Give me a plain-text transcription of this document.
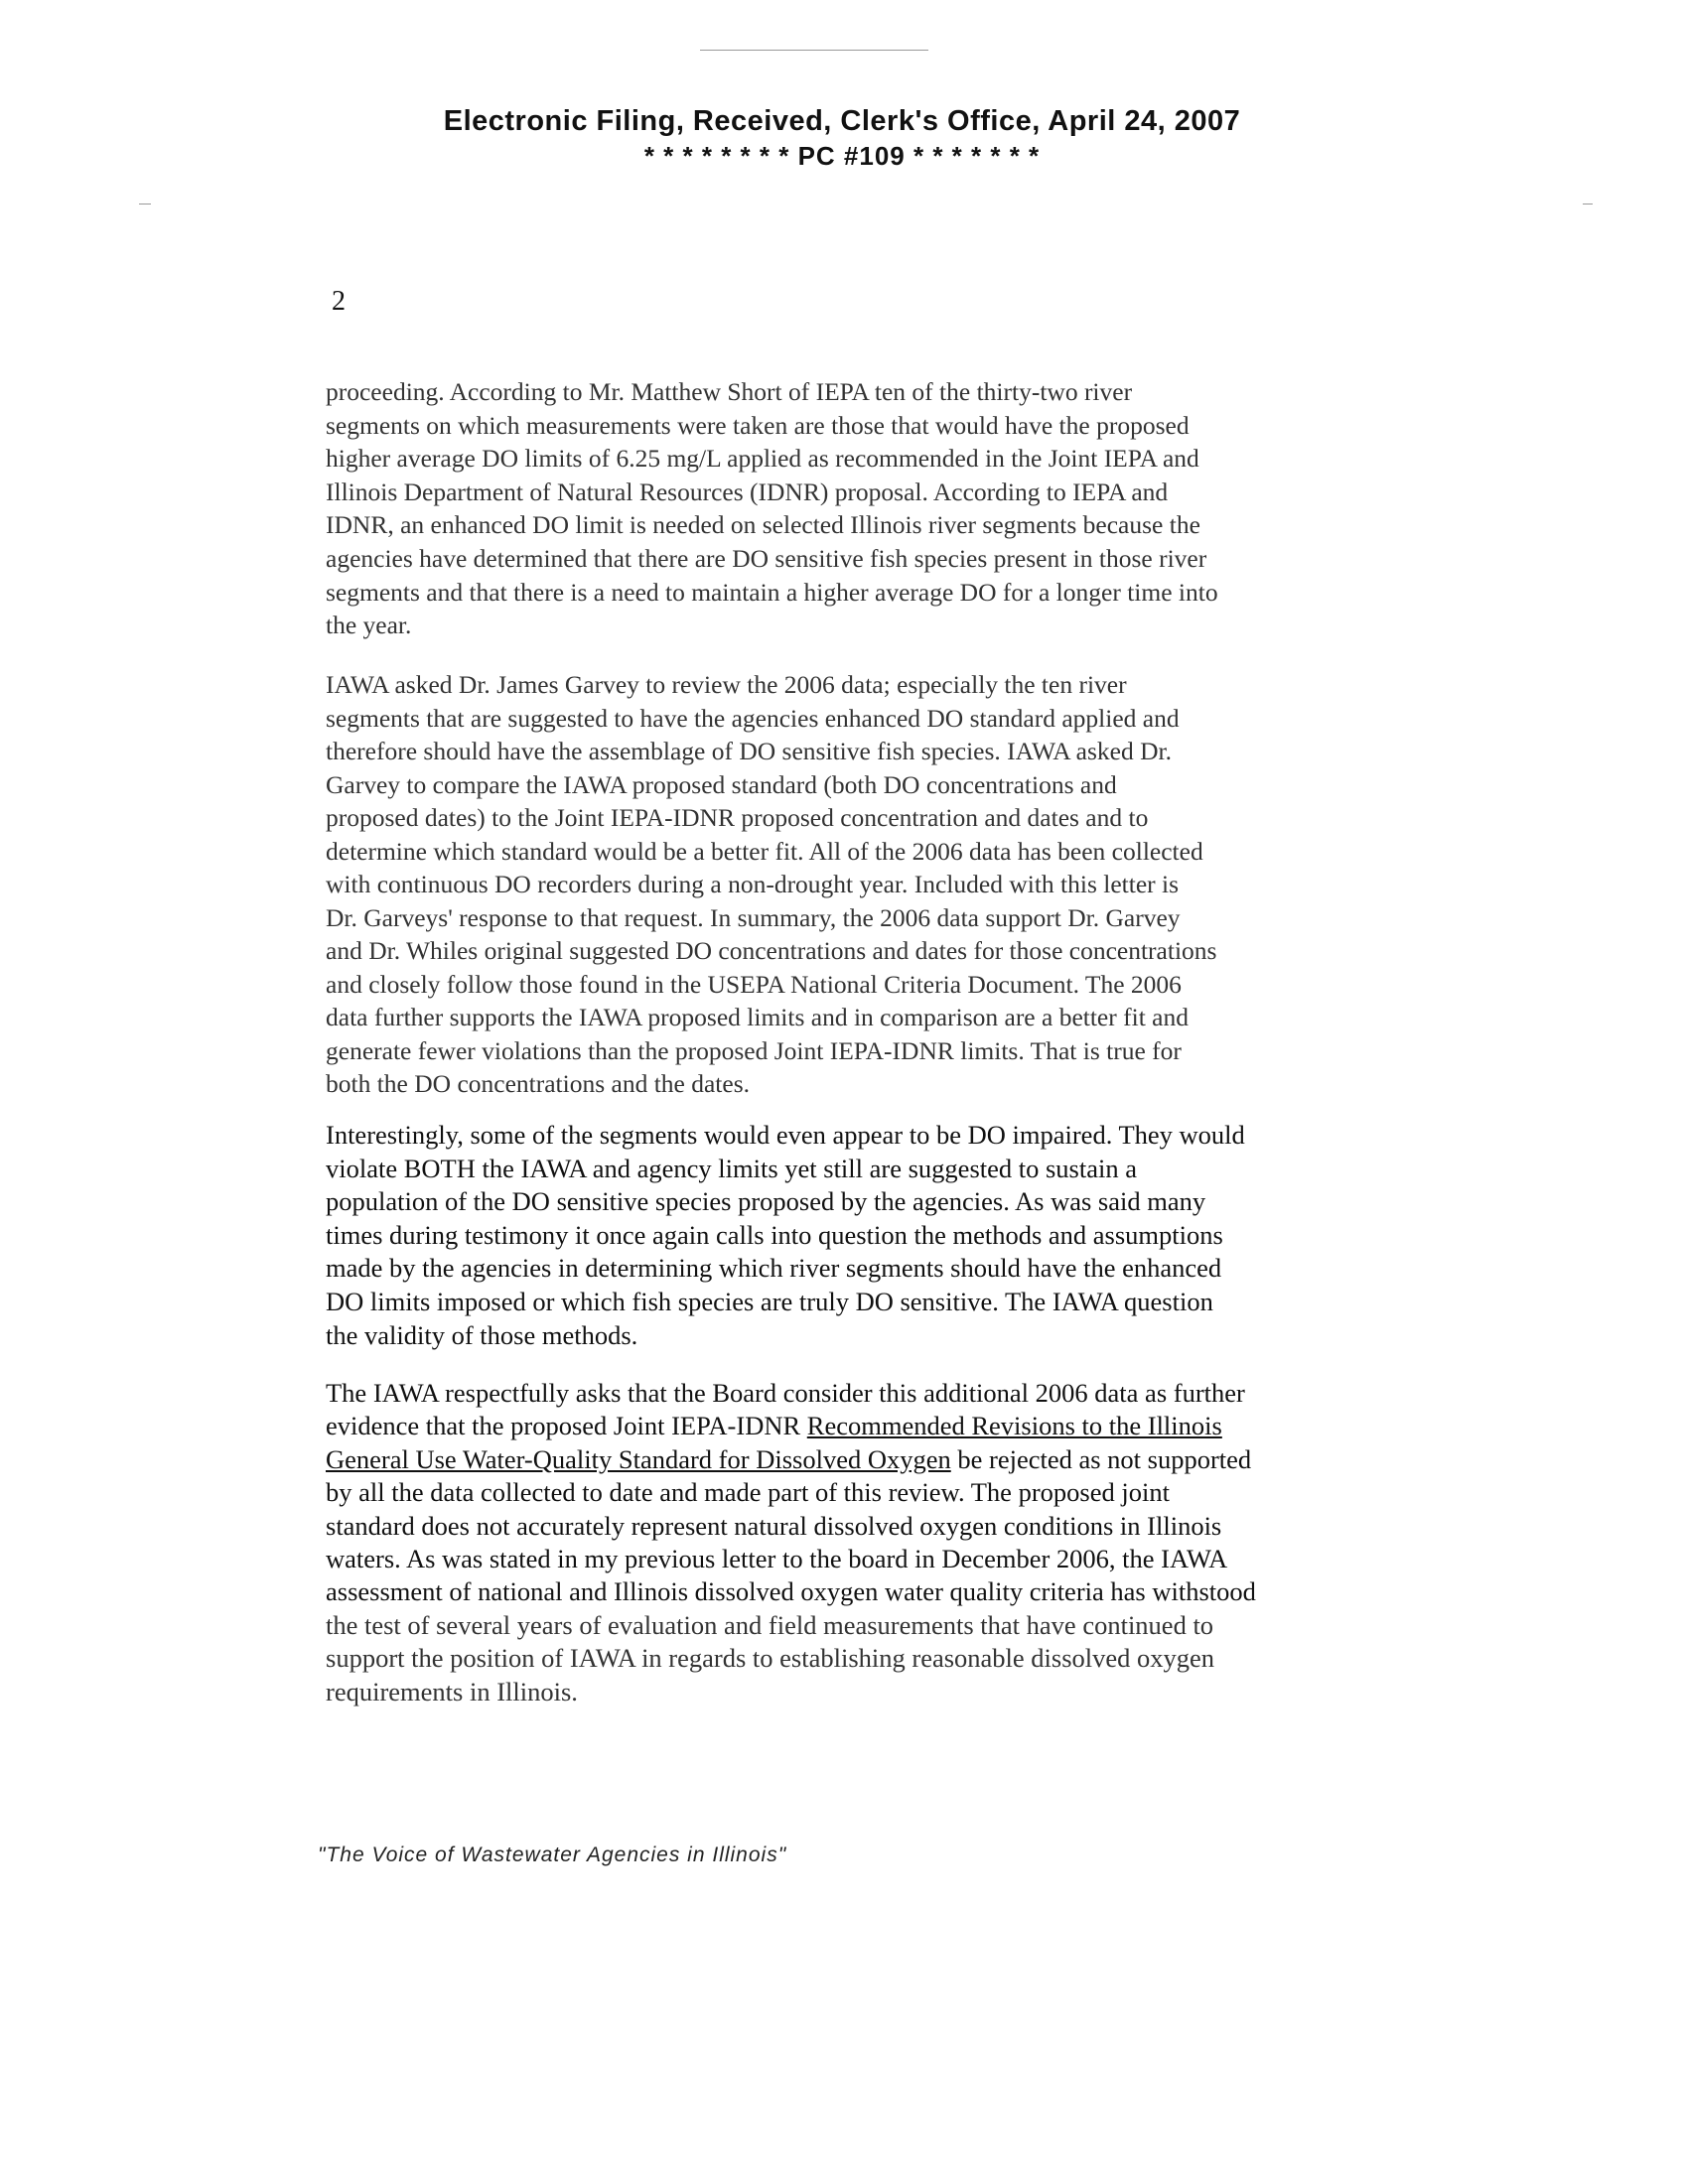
Electronic Filing, Received, Clerk's Office, April 24, 2007
* * * * * * * * PC #109 * * * * * * *
2
proceeding. According to Mr. Matthew Short of IEPA ten of the thirty-two river
segments on which measurements were taken are those that would have the proposed
higher average DO limits of 6.25 mg/L applied as recommended in the Joint IEPA and
Illinois Department of Natural Resources (IDNR) proposal. According to IEPA and
IDNR, an enhanced DO limit is needed on selected Illinois river segments because the
agencies have determined that there are DO sensitive fish species present in those river
segments and that there is a need to maintain a higher average DO for a longer time into
the year.
IAWA asked Dr. James Garvey to review the 2006 data; especially the ten river
segments that are suggested to have the agencies enhanced DO standard applied and
therefore should have the assemblage of DO sensitive fish species. IAWA asked Dr.
Garvey to compare the IAWA proposed standard (both DO concentrations and
proposed dates) to the Joint IEPA-IDNR proposed concentration and dates and to
determine which standard would be a better fit. All of the 2006 data has been collected
with continuous DO recorders during a non-drought year. Included with this letter is
Dr. Garveys' response to that request. In summary, the 2006 data support Dr. Garvey
and Dr. Whiles original suggested DO concentrations and dates for those concentrations
and closely follow those found in the USEPA National Criteria Document. The 2006
data further supports the IAWA proposed limits and in comparison are a better fit and
generate fewer violations than the proposed Joint IEPA-IDNR limits. That is true for
both the DO concentrations and the dates.
Interestingly, some of the segments would even appear to be DO impaired. They would
violate BOTH the IAWA and agency limits yet still are suggested to sustain a
population of the DO sensitive species proposed by the agencies. As was said many
times during testimony it once again calls into question the methods and assumptions
made by the agencies in determining which river segments should have the enhanced
DO limits imposed or which fish species are truly DO sensitive. The IAWA question
the validity of those methods.
The IAWA respectfully asks that the Board consider this additional 2006 data as further
evidence that the proposed Joint IEPA-IDNR Recommended Revisions to the Illinois
General Use Water-Quality Standard for Dissolved Oxygen be rejected as not supported
by all the data collected to date and made part of this review. The proposed joint
standard does not accurately represent natural dissolved oxygen conditions in Illinois
waters. As was stated in my previous letter to the board in December 2006, the IAWA
assessment of national and Illinois dissolved oxygen water quality criteria has withstood
the test of several years of evaluation and field measurements that have continued to
support the position of IAWA in regards to establishing reasonable dissolved oxygen
requirements in Illinois.
"The Voice of Wastewater Agencies in Illinois"
